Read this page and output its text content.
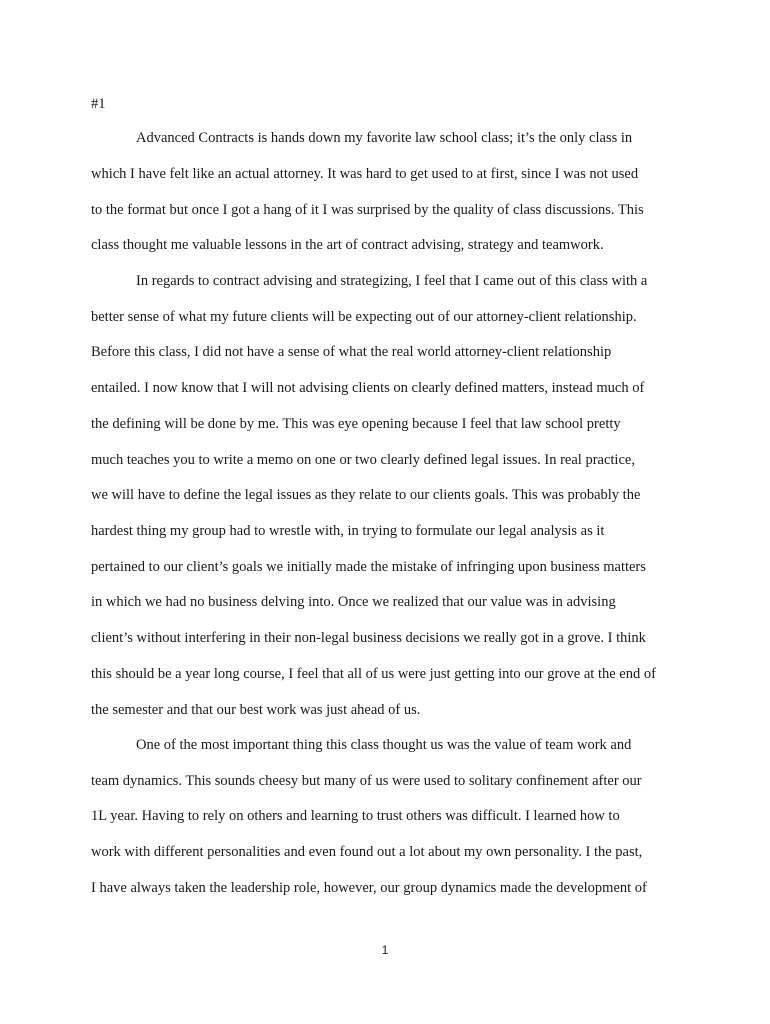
#1

Advanced Contracts is hands down my favorite law school class; it’s the only class in

which I have felt like an actual attorney. It was hard to get used to at first, since I was not used

to the format but once I got a hang of it I was surprised by the quality of class discussions. This

class thought me valuable lessons in the art of contract advising, strategy and teamwork.

In regards to contract advising and strategizing, I feel that I came out of this class with a

better sense of what my future clients will be expecting out of our attorney-client relationship.

Before this class, I did not have a sense of what the real world attorney-client relationship

entailed. I now know that I will not advising clients on clearly defined matters, instead much of

the defining will be done by me. This was eye opening because I feel that law school pretty

much teaches you to write a memo on one or two clearly defined legal issues. In real practice,

we will have to define the legal issues as they relate to our clients goals. This was probably the

hardest thing my group had to wrestle with, in trying to formulate our legal analysis as it

pertained to our client’s goals we initially made the mistake of infringing upon business matters

in which we had no business delving into. Once we realized that our value was in advising

client’s without interfering in their non-legal business decisions we really got in a grove. I think

this should be a year long course, I feel that all of us were just getting into our grove at the end of

the semester and that our best work was just ahead of us.

One of the most important thing this class thought us was the value of team work and

team dynamics. This sounds cheesy but many of us were used to solitary confinement after our

1L year. Having to rely on others and learning to trust others was difficult. I learned how to

work with different personalities and even found out a lot about my own personality. I the past,

I have always taken the leadership role, however, our group dynamics made the development of

1
